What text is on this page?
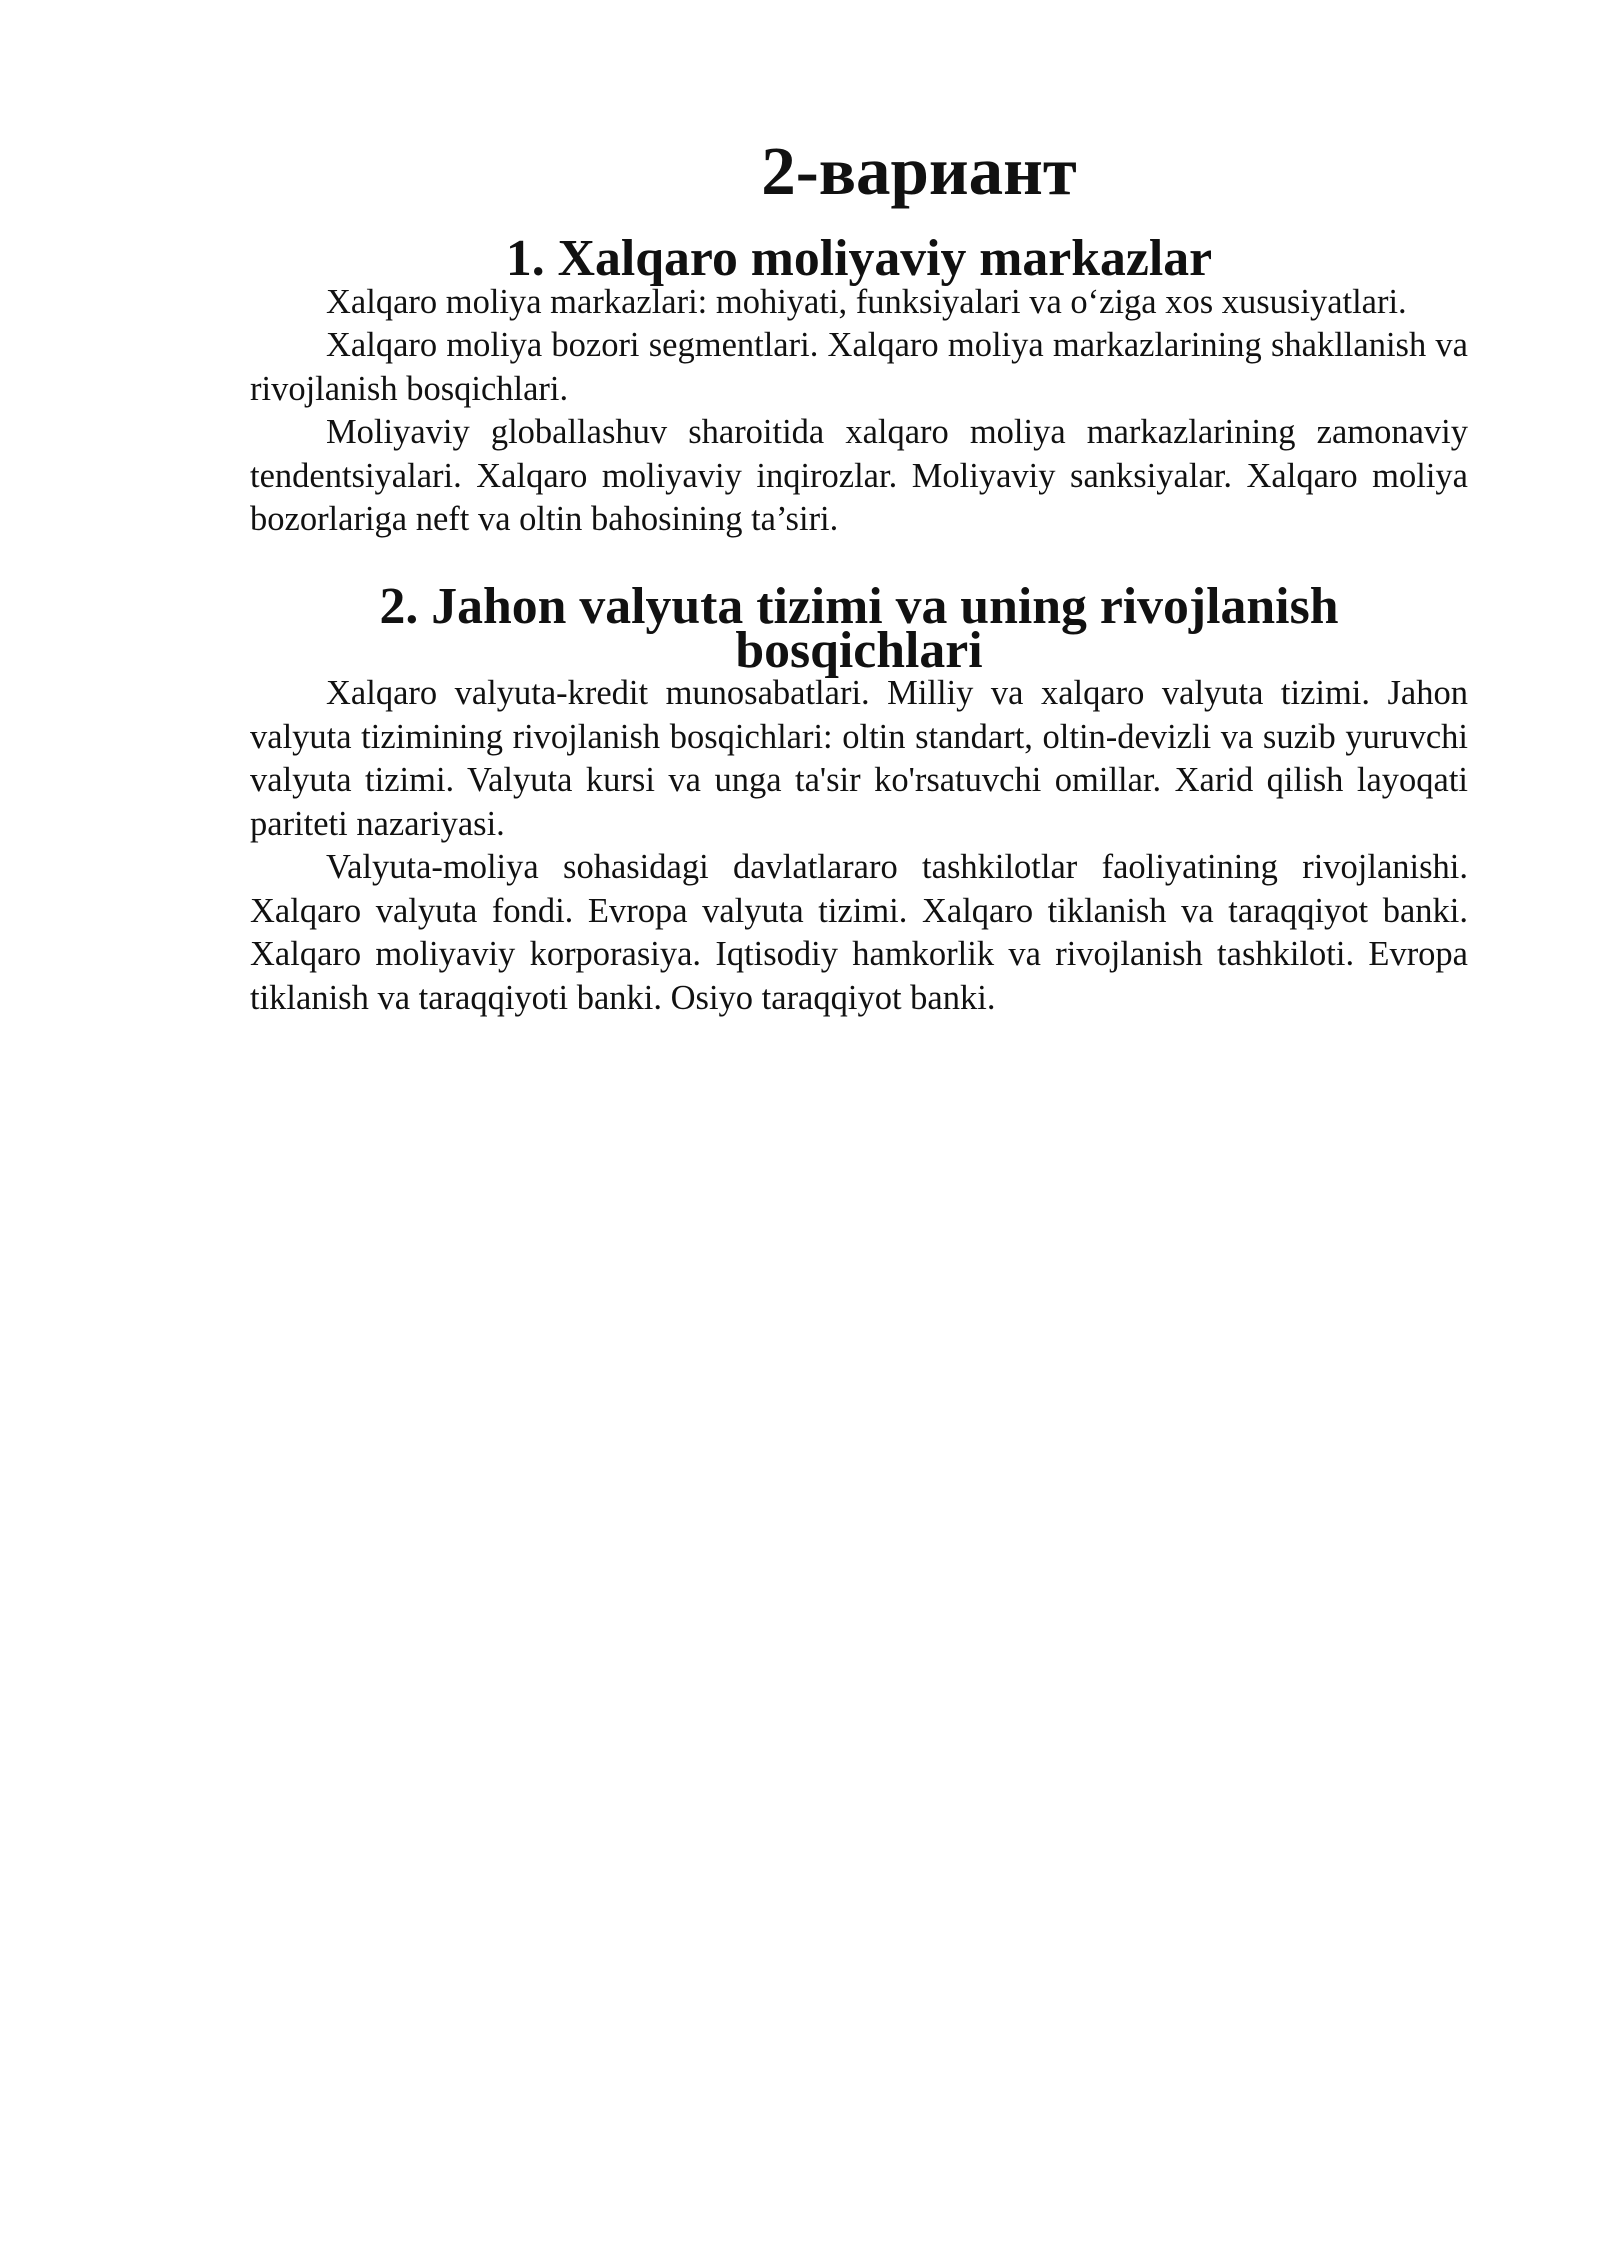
2-вариант
1. Xalqaro moliyaviy markazlar

Xalqaro moliya markazlari: mohiyati, funksiyalari va o‘ziga xos xususiyatlari.

Xalqaro moliya bozori segmentlari. Xalqaro moliya markazlarining shakllanish va rivojlanish bosqichlari.

Moliyaviy globallashuv sharoitida xalqaro moliya markazlarining zamonaviy tendentsiyalari. Xalqaro moliyaviy inqirozlar. Moliyaviy sanksiyalar. Xalqaro moliya bozorlariga neft va oltin bahosining ta’siri.

2. Jahon valyuta tizimi va uning rivojlanish bosqichlari

Xalqaro valyuta-kredit munosabatlari. Milliy va xalqaro valyuta tizimi. Jahon valyuta tizimining rivojlanish bosqichlari: oltin standart, oltin-devizli va suzib yuruvchi valyuta tizimi. Valyuta kursi va unga ta'sir ko'rsatuvchi omillar. Xarid qilish layoqati pariteti nazariyasi.

Valyuta-moliya sohasidagi davlatlararo tashkilotlar faoliyatining rivojlanishi. Xalqaro valyuta fondi. Evropa valyuta tizimi. Xalqaro tiklanish va taraqqiyot banki. Xalqaro moliyaviy korporasiya. Iqtisodiy hamkorlik va rivojlanish tashkiloti. Evropa tiklanish va taraqqiyoti banki. Osiyo taraqqiyot banki.
